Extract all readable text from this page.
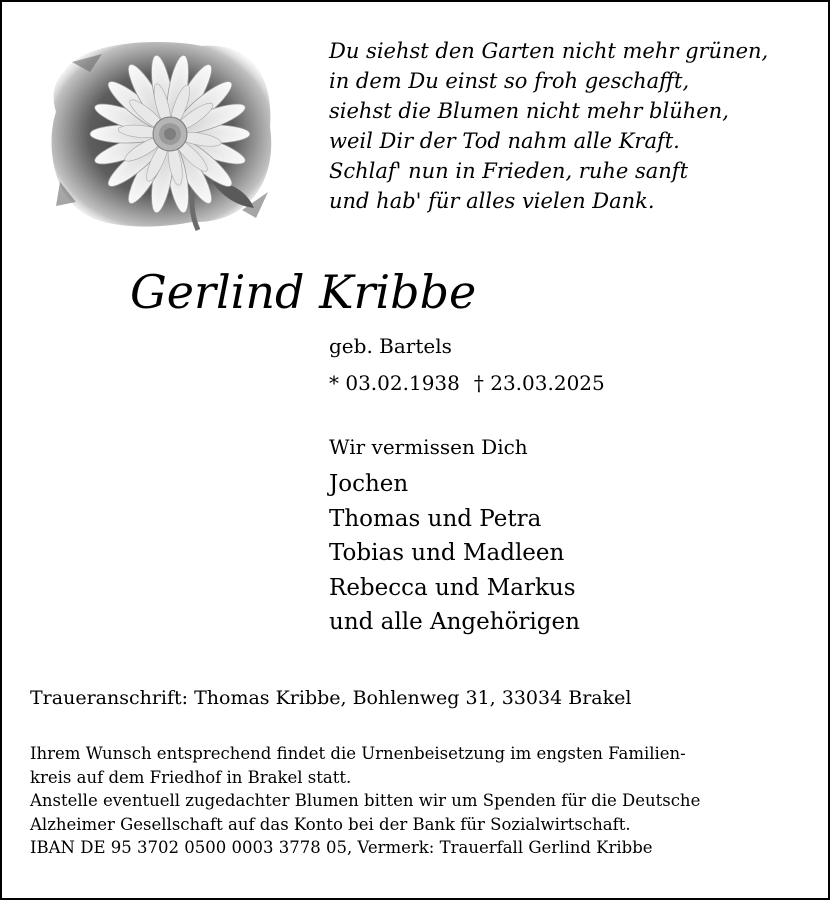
Du siehst den Garten nicht mehr grünen,
in dem Du einst so froh geschafft,
siehst die Blumen nicht mehr blühen,
weil Dir der Tod nahm alle Kraft.
Schlaf' nun in Frieden, ruhe sanft
und hab' für alles vielen Dank.
Gerlind Kribbe
geb. Bartels
* 03.02.1938 † 23.03.2025
Wir vermissen Dich
Jochen
Thomas und Petra
Tobias und Madleen
Rebecca und Markus
und alle Angehörigen
Traueranschrift: Thomas Kribbe, Bohlenweg 31, 33034 Brakel
Ihrem Wunsch entsprechend findet die Urnenbeisetzung im engsten Familien-
kreis auf dem Friedhof in Brakel statt.
Anstelle eventuell zugedachter Blumen bitten wir um Spenden für die Deutsche
Alzheimer Gesellschaft auf das Konto bei der Bank für Sozialwirtschaft.
IBAN DE 95 3702 0500 0003 3778 05, Vermerk: Trauerfall Gerlind Kribbe
